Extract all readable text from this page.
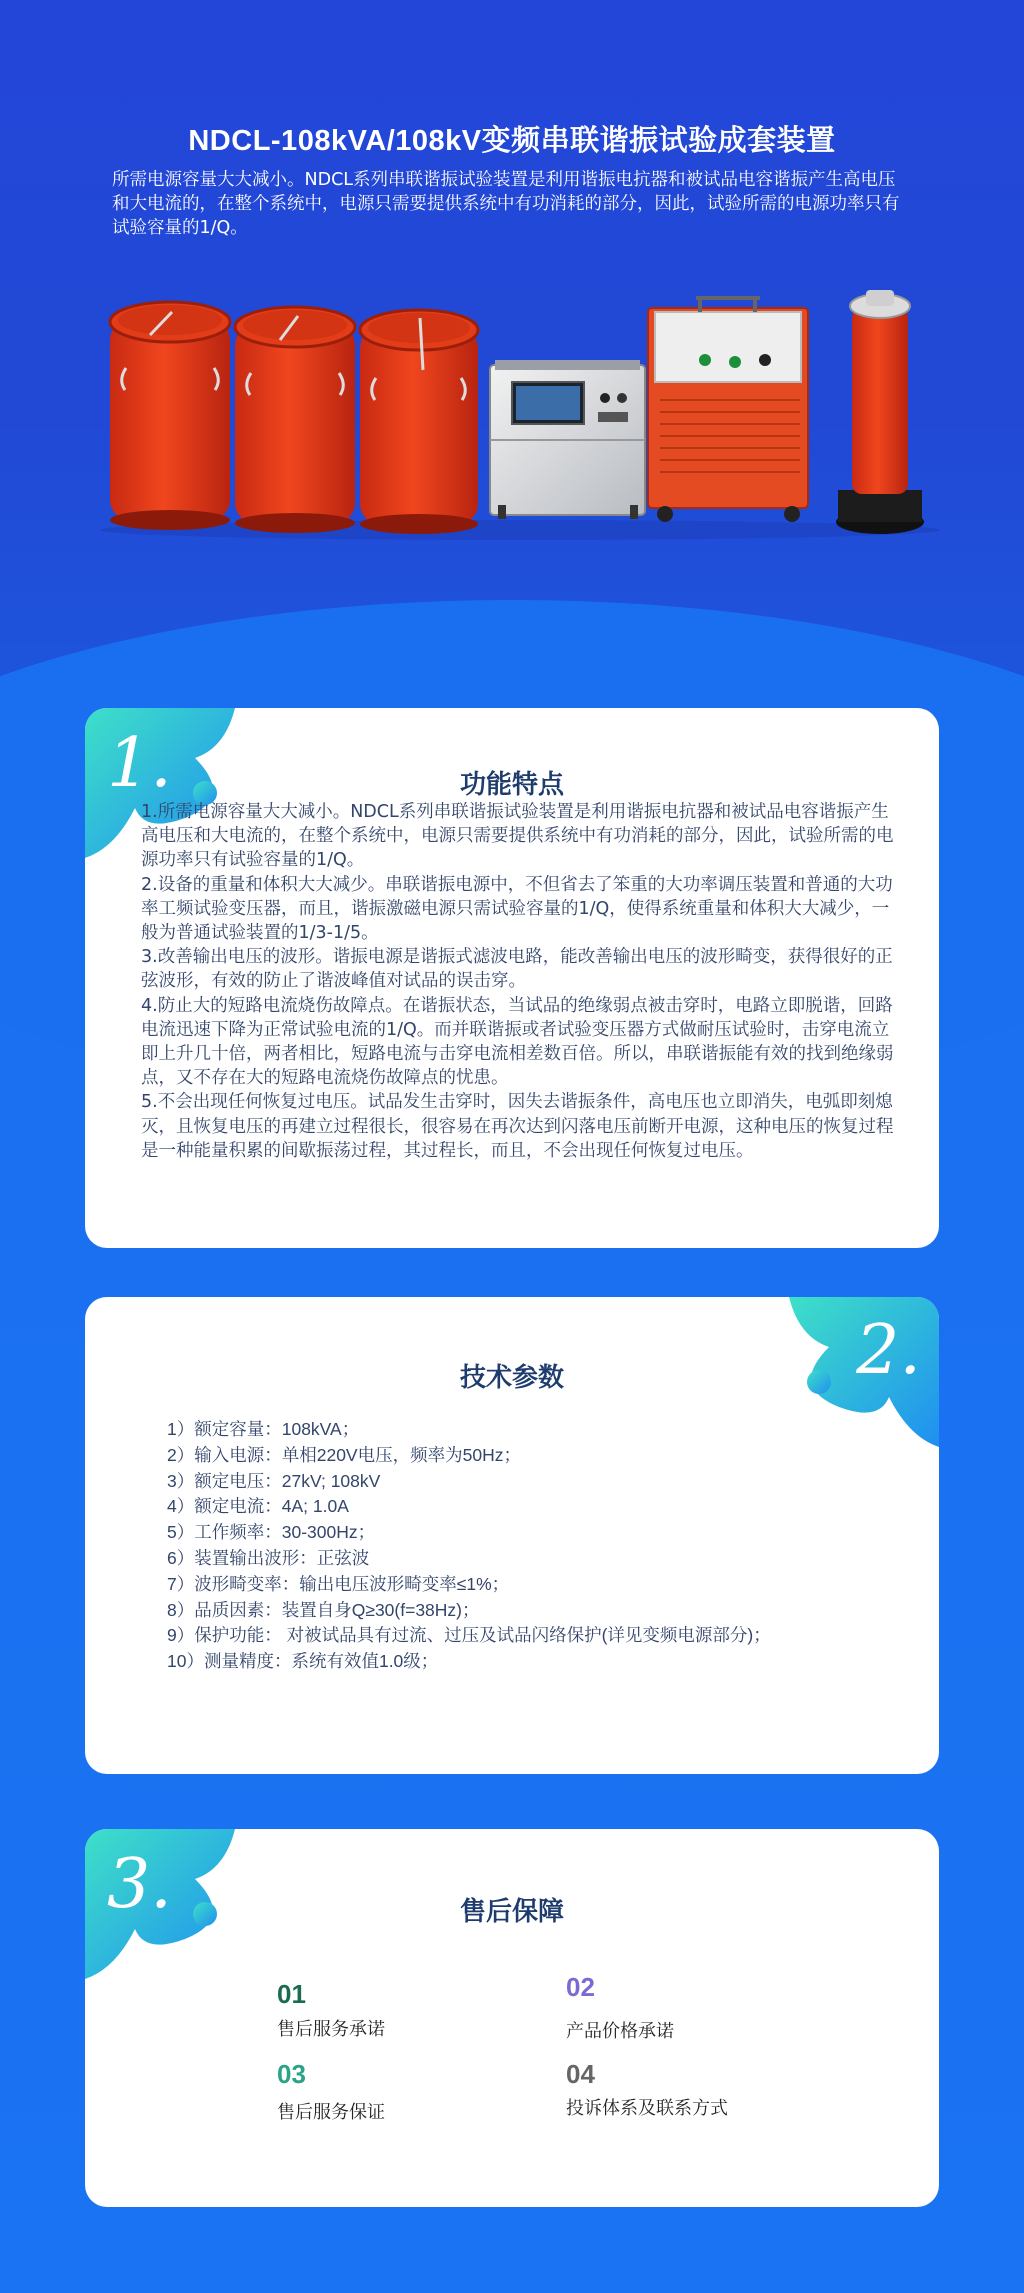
NDCL-108kVA/108kV变频串联谐振试验成套装置
所需电源容量大大减小。NDCL系列串联谐振试验装置是利用谐振电抗器和被试品电容谐振产生高电压和大电流的，在整个系统中，电源只需要提供系统中有功消耗的部分，因此，试验所需的电源功率只有试验容量的1/Q。
1.	功能特点

1.所需电源容量大大减小。NDCL系列串联谐振试验装置是利用谐振电抗器和被试品电容谐振产生高电压和大电流的，在整个系统中，电源只需要提供系统中有功消耗的部分，因此，试验所需的电源功率只有试验容量的1/Q。

2.设备的重量和体积大大减少。串联谐振电源中，不但省去了笨重的大功率调压装置和普通的大功率工频试验变压器，而且，谐振激磁电源只需试验容量的1/Q，使得系统重量和体积大大减少，一般为普通试验装置的1/3-1/5。

3.改善输出电压的波形。谐振电源是谐振式滤波电路，能改善输出电压的波形畸变，获得很好的正弦波形，有效的防止了谐波峰值对试品的误击穿。

4.防止大的短路电流烧伤故障点。在谐振状态，当试品的绝缘弱点被击穿时，电路立即脱谐，回路电流迅速下降为正常试验电流的1/Q。而并联谐振或者试验变压器方式做耐压试验时，击穿电流立即上升几十倍，两者相比，短路电流与击穿电流相差数百倍。所以，串联谐振能有效的找到绝缘弱点，又不存在大的短路电流烧伤故障点的忧患。

5.不会出现任何恢复过电压。试品发生击穿时，因失去谐振条件，高电压也立即消失，电弧即刻熄灭，且恢复电压的再建立过程很长，很容易在再次达到闪落电压前断开电源，这种电压的恢复过程是一种能量积累的间歇振荡过程，其过程长，而且，不会出现任何恢复过电压。

2.
技术参数
1）额定容量：108kVA；
2）输入电源：单相220V电压，频率为50Hz；
3）额定电压：27kV; 108kV
4）额定电流：4A; 1.0A
5）工作频率：30-300Hz；
6）装置输出波形：正弦波
7）波形畸变率：输出电压波形畸变率≤1%；
8）品质因素：装置自身Q≥30(f=38Hz)；
9）保护功能： 对被试品具有过流、过压及试品闪络保护(详见变频电源部分)；
10）测量精度：系统有效值1.0级；
3.	售后保障
01
售后服务承诺
02
产品价格承诺
03
售后服务保证
04
投诉体系及联系方式
